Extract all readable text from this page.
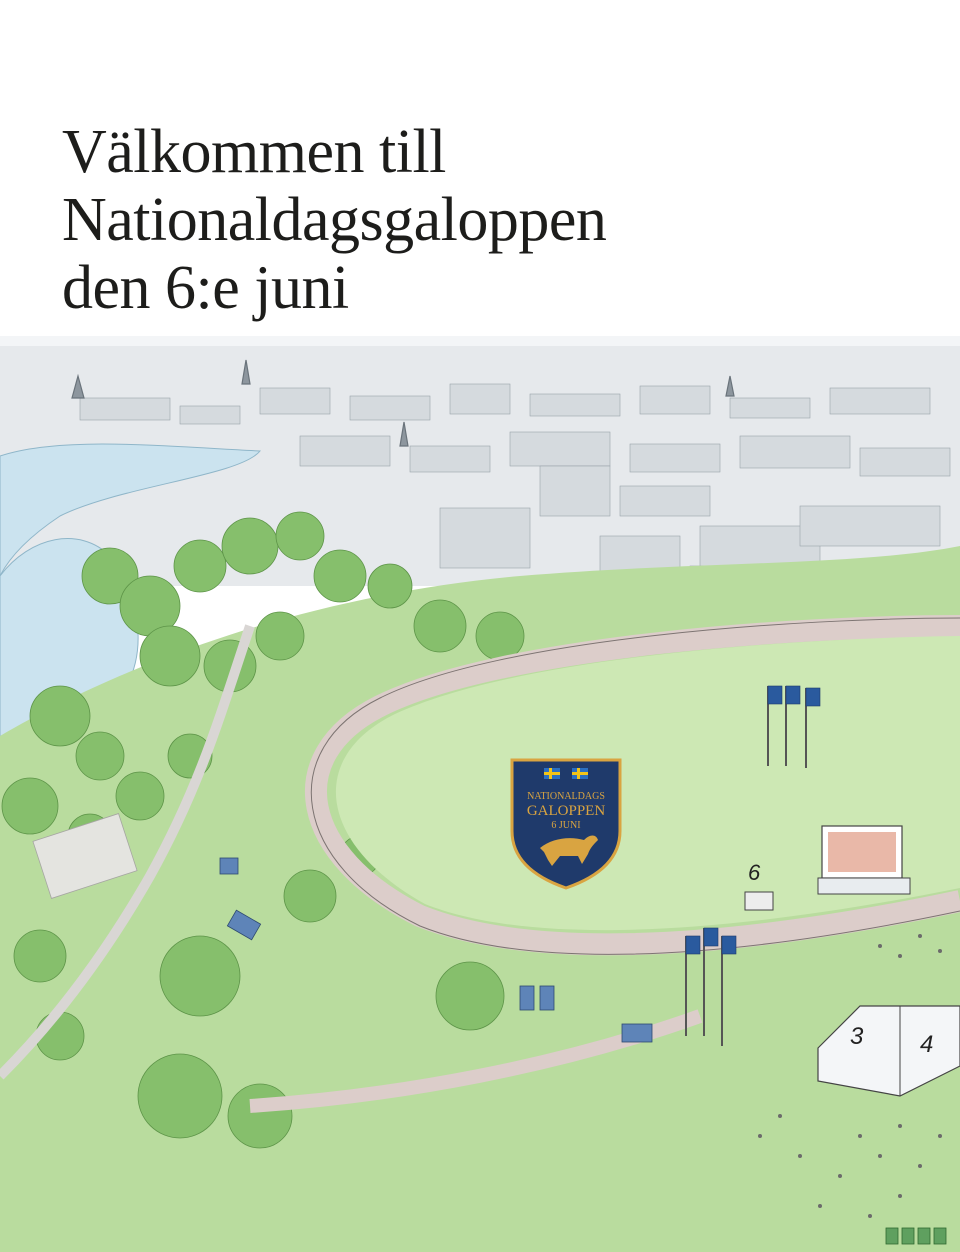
Välkommen till
Nationaldagsgaloppen
den 6:e juni
6
3 4
NATIONALDAGS
GALOPPEN
6 JUNI
